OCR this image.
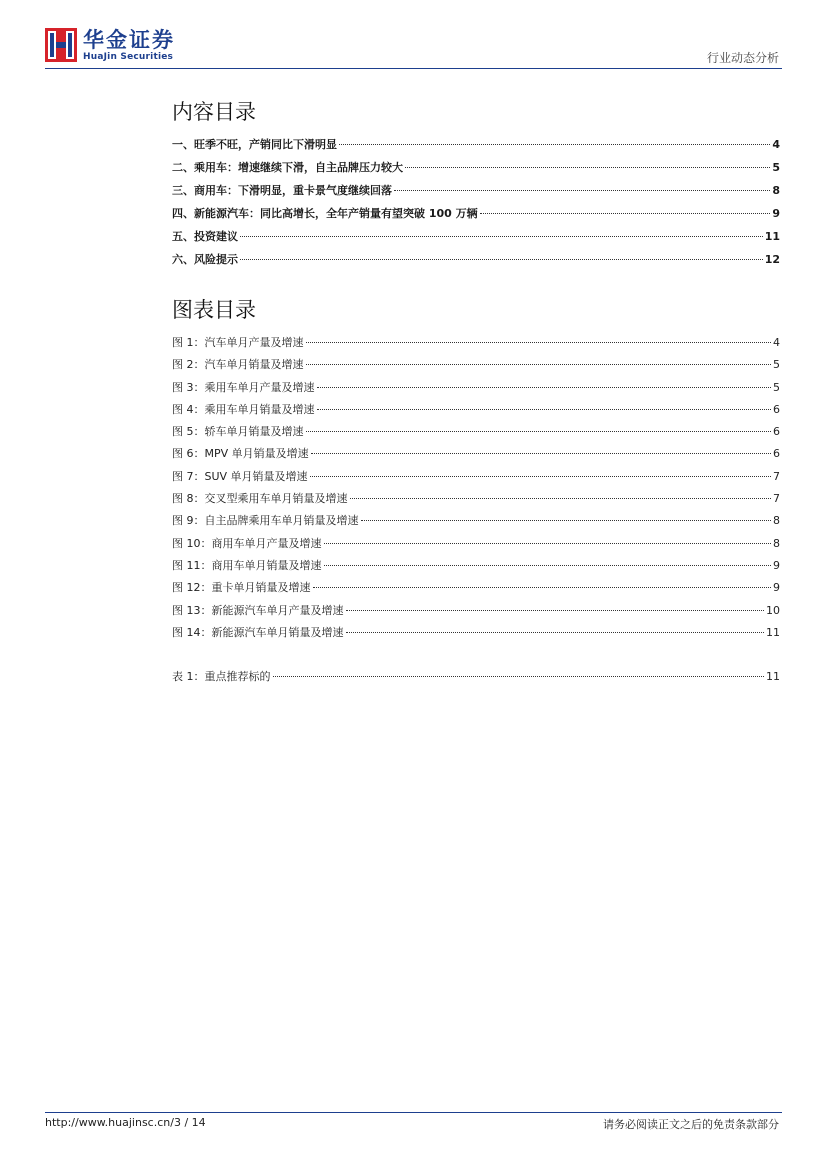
华金证券
HuaJin Securities	行业动态分析
内容目录
一、旺季不旺，产销同比下滑明显	4
二、乘用车：增速继续下滑，自主品牌压力较大	5
三、商用车：下滑明显，重卡景气度继续回落	8
四、新能源汽车：同比高增长，全年产销量有望突破 100 万辆	9
五、投资建议	11
六、风险提示	12
图表目录
图 1：汽车单月产量及增速	4
图 2：汽车单月销量及增速	5
图 3：乘用车单月产量及增速	5
图 4：乘用车单月销量及增速	6
图 5：轿车单月销量及增速	6
图 6：MPV 单月销量及增速	6
图 7：SUV 单月销量及增速	7
图 8：交叉型乘用车单月销量及增速	7
图 9：自主品牌乘用车单月销量及增速	8
图 10：商用车单月产量及增速	8
图 11：商用车单月销量及增速	9
图 12：重卡单月销量及增速	9
图 13：新能源汽车单月产量及增速	10
图 14：新能源汽车单月销量及增速	11
表 1：重点推荐标的	11
http://www.huajinsc.cn/3 / 14	请务必阅读正文之后的免责条款部分
